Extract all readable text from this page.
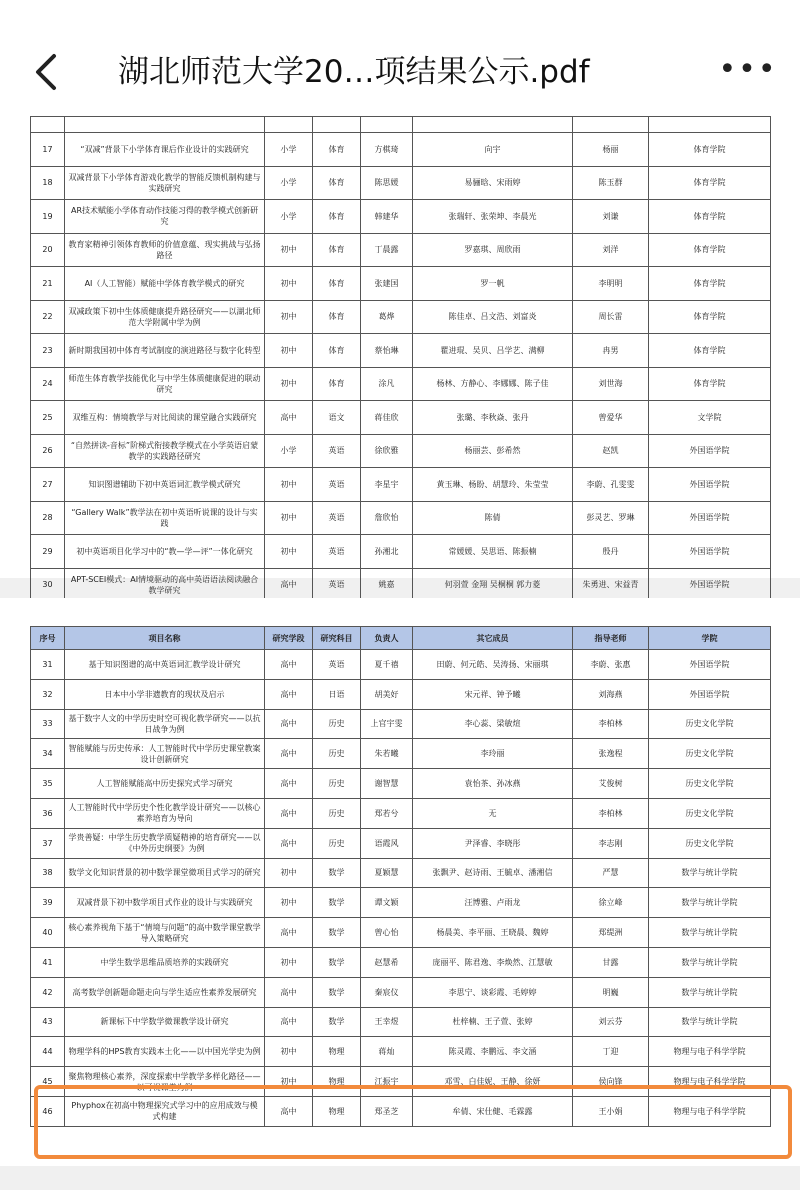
湖北师范大学20…项结果公示.pdf	•••

17	“双减”背景下小学体育课后作业设计的实践研究	小学	体育	方棋琦	向宇	杨丽	体育学院
18	双减背景下小学体育游戏化教学的智能反馈机制构建与实践研究	小学	体育	陈思媛	易骊晗、宋雨婷	陈玉群	体育学院
19	AR技术赋能小学体育动作技能习得的教学模式创新研究	小学	体育	韩建华	张瑞轩、张荣坤、李晨光	刘谦	体育学院
20	教育家精神引领体育教师的价值意蕴、现实挑战与弘扬路径	初中	体育	丁晨露	罗嘉琪、周欣雨	刘洋	体育学院
21	AI（人工智能）赋能中学体育教学模式的研究	初中	体育	张建国	罗一帆	李明明	体育学院
22	双减政策下初中生体质健康提升路径研究——以湖北师范大学附属中学为例	初中	体育	葛烨	陈佳卓、吕文浩、刘富炎	周长雷	体育学院
23	新时期我国初中体育考试制度的演进路径与数字化转型	初中	体育	蔡怡琳	瞿进琨、吴贝、吕学艺、满柳	冉男	体育学院
24	师范生体育教学技能优化与中学生体质健康促进的联动研究	初中	体育	涂凡	杨林、方静心、李娜娜、陈子佳	刘世海	体育学院
25	双维互构：情境教学与对比阅读的课堂融合实践研究	高中	语文	蒋佳欣	张璐、李秋焱、张丹	曾爱华	文学院
26	“自然拼读-音标”阶梯式衔接教学模式在小学英语启蒙教学的实践路径研究	小学	英语	徐欣雅	杨丽芸、彭希然	赵凯	外国语学院
27	知识图谱辅助下初中英语词汇教学模式研究	初中	英语	李星宇	黄玉琳、杨盼、胡慧玲、朱莹莹	李蔚、孔雯雯	外国语学院
28	“Gallery Walk”教学法在初中英语听说课的设计与实践	初中	英语	詹欣怡	陈倩	彭灵艺、罗琳	外国语学院
29	初中英语项目化学习中的“教—学—评”一体化研究	初中	英语	孙湘北	常媛媛、吴思语、陈振楠	殷丹	外国语学院
30	APT-SCEI模式：AI情境驱动的高中英语语法阅读融合教学研究	高中	英语	姚嘉	何羽萱 金翔 吴桐桐 郭力菱	朱勇进、宋益青	外国语学院
序号	项目名称	研究学段	研究科目	负责人	其它成员	指导老师	学院
31	基于知识图谱的高中英语词汇教学设计研究	高中	英语	夏千禧	田蔚、何元皓、吴涛扬、宋丽琪	李蔚、张惠	外国语学院
32	日本中小学非遗教育的现状及启示	高中	日语	胡美好	宋元祥、钟予曦	刘海燕	外国语学院
33	基于数字人文的中学历史时空可视化教学研究——以抗日战争为例	高中	历史	上官宇雯	李心蕊、梁敏煊	李柏林	历史文化学院
34	智能赋能与历史传承：人工智能时代中学历史课堂教案设计创新研究	高中	历史	朱若曦	李玲丽	张逸程	历史文化学院
35	人工智能赋能高中历史探究式学习研究	高中	历史	谢智慧	袁怡茶、孙冰燕	艾俊树	历史文化学院
36	人工智能时代中学历史个性化教学设计研究——以核心素养培育为导向	高中	历史	郑若兮	无	李柏林	历史文化学院
37	学贵善疑：中学生历史教学质疑精神的培育研究——以《中外历史纲要》为例	高中	历史	语霞风	尹泽睿、李晓彤	李志刚	历史文化学院
38	数学文化知识背景的初中数学课堂微项目式学习的研究	初中	数学	夏颖慧	张飘尹、赵诗雨、王毓卓、潘湘信	严慧	数学与统计学院
39	双减背景下初中数学项目式作业的设计与实践研究	初中	数学	谭文颖	汪博雅、卢雨龙	徐立峰	数学与统计学院
40	核心素养视角下基于“情境与问题”的高中数学课堂教学导入策略研究	高中	数学	曾心怡	杨晨美、李平丽、王晓晨、魏婷	郑缇洲	数学与统计学院
41	中学生数学思维品质培养的实践研究	初中	数学	赵慧希	庞丽平、陈君逸、李焕然、江慧敏	甘露	数学与统计学院
42	高考数学创新题命题走向与学生适应性素养发展研究	高中	数学	秦宸仪	李思宁、谈彩霞、毛婷婷	明巍	数学与统计学院
43	新课标下中学数学微课教学设计研究	高中	数学	王幸煜	杜梓楠、王子萱、张婷	刘云芬	数学与统计学院
44	物理学科的HPS教育实践本土化——以中国光学史为例	初中	物理	蒋灿	陈灵霞、李鹏远、李文涵	丁迎	物理与电子科学学院
45	聚焦物理核心素养，深度探索中学教学多样化路径——以可视课堂为例	初中	物理	江振宇	邓雪、白佳妮、王静、徐妍	侯向锋	物理与电子科学学院
46	Phyphox在初高中物理探究式学习中的应用成效与模式构建	高中	物理	郑圣芝	牟倩、宋仕健、毛霖露	王小娟	物理与电子科学学院
